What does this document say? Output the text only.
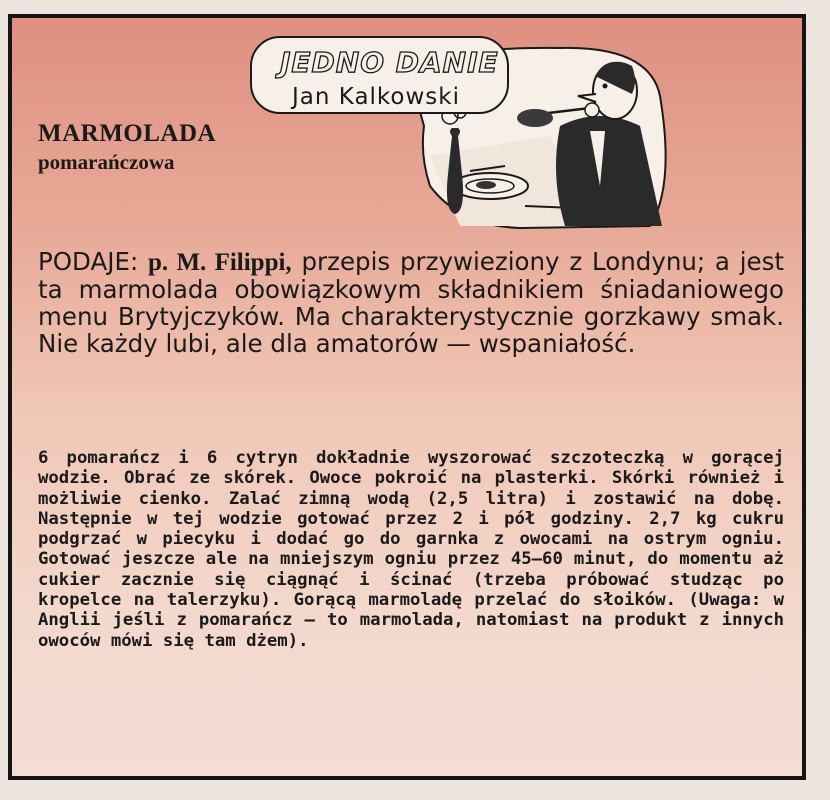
MARMOLADA
pomarańczowa
JEDNO DANIE
Jan Kalkowski
PODAJE: p. M. Filippi, przepis przywieziony z Londynu; a jest ta marmolada obowiązkowym składnikiem śniadaniowego menu Brytyjczyków. Ma charakterystycznie gorzkawy smak. Nie każdy lubi, ale dla amatorów — wspaniałość.

6 pomarańcz i 6 cytryn dokładnie wyszorować szczoteczką w gorącej wodzie. Obrać ze skórek. Owoce pokroić na plasterki. Skórki również i możliwie cienko. Zalać zimną wodą (2,5 litra) i zostawić na dobę. Następnie w tej wodzie gotować przez 2 i pół godziny. 2,7 kg cukru podgrzać w piecyku i dodać go do garnka z owocami na ostrym ogniu. Gotować jeszcze ale na mniejszym ogniu przez 45—60 minut, do momentu aż cukier zacznie się ciągnąć i ścinać (trzeba próbować studząc po kropelce na talerzyku). Gorącą marmoladę przelać do słoików. (Uwaga: w Anglii jeśli z pomarańcz — to marmolada, natomiast na produkt z innych owoców mówi się tam dżem).
